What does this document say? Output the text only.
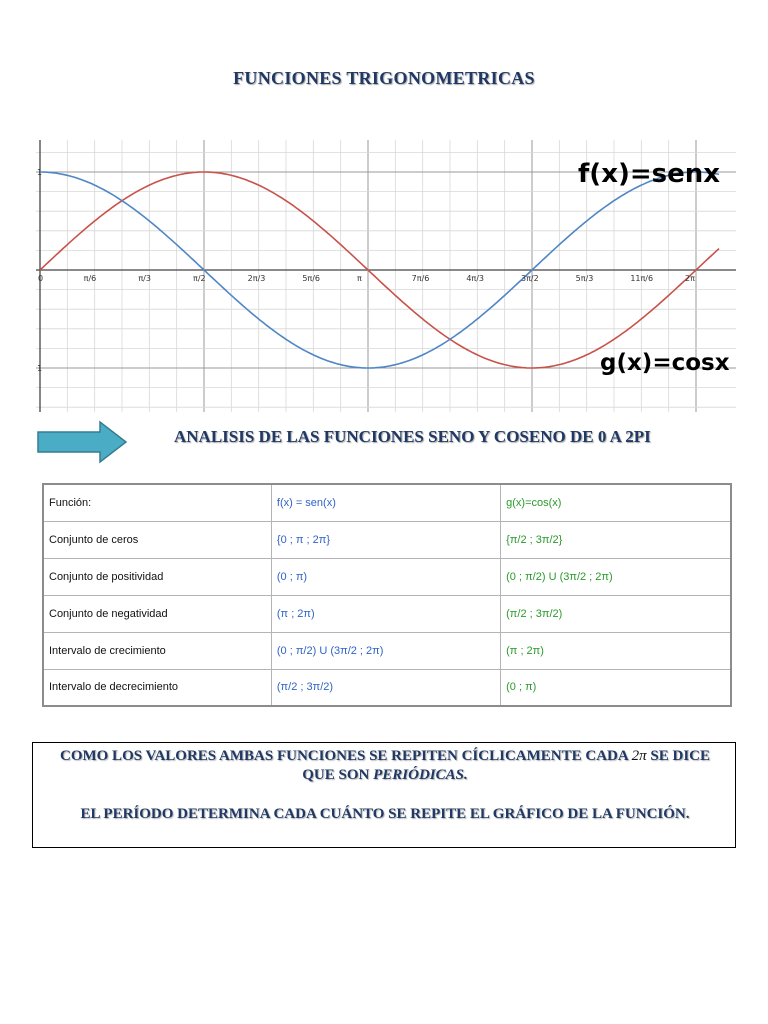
FUNCIONES TRIGONOMETRICAS
0	π/6	π/3	π/2	2π/3	5π/6	π	7π/6	4π/3	3π/2	5π/3	11π/6	2π
1
1
f(x)=senx
g(x)=cosx
ANALISIS DE LAS FUNCIONES SENO Y COSENO DE 0 A 2PI
Función:	f(x) = sen(x)	g(x)=cos(x)
Conjunto de ceros	{0 ; π ; 2π}	{π/2 ; 3π/2}
Conjunto de positividad	(0 ; π)	(0 ; π/2) U (3π/2 ; 2π)
Conjunto de negatividad	(π ; 2π)	(π/2 ; 3π/2)
Intervalo de crecimiento	(0 ; π/2) U (3π/2 ; 2π)	(π ; 2π)
Intervalo de decrecimiento	(π/2 ; 3π/2)	(0 ; π)
COMO LOS VALORES AMBAS FUNCIONES SE REPITEN CÍCLICAMENTE CADA 2π SE DICE
QUE SON PERIÓDICAS.
EL PERÍODO DETERMINA CADA CUÁNTO SE REPITE EL GRÁFICO DE LA FUNCIÓN.
